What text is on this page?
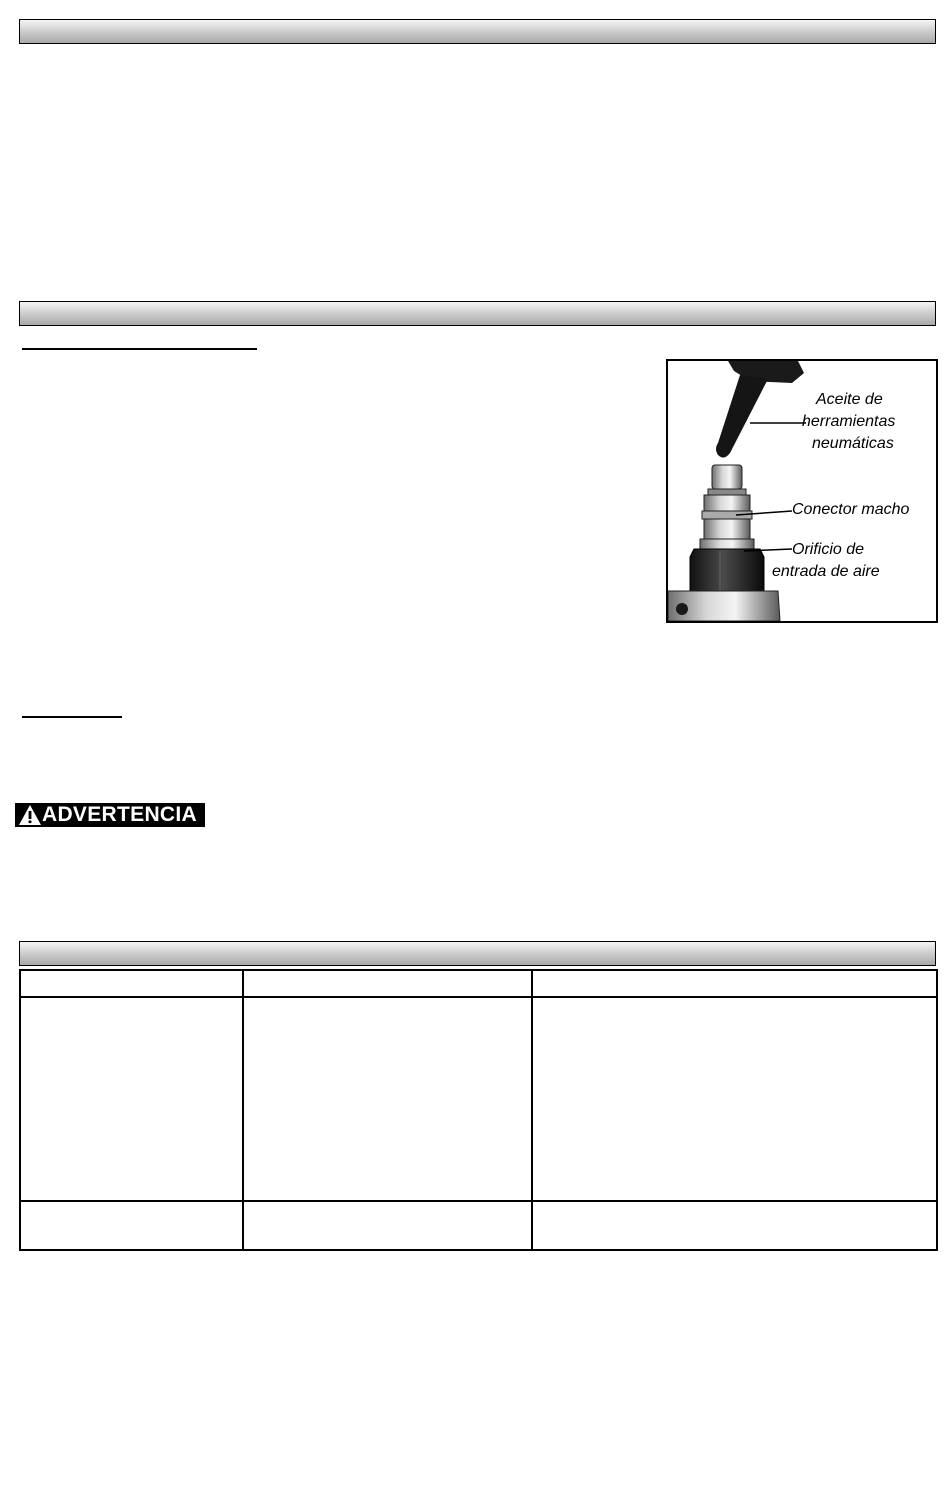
Aceite de
herramientas
neumáticas
Conector macho
Orificio de
entrada de aire
ADVERTENCIA
